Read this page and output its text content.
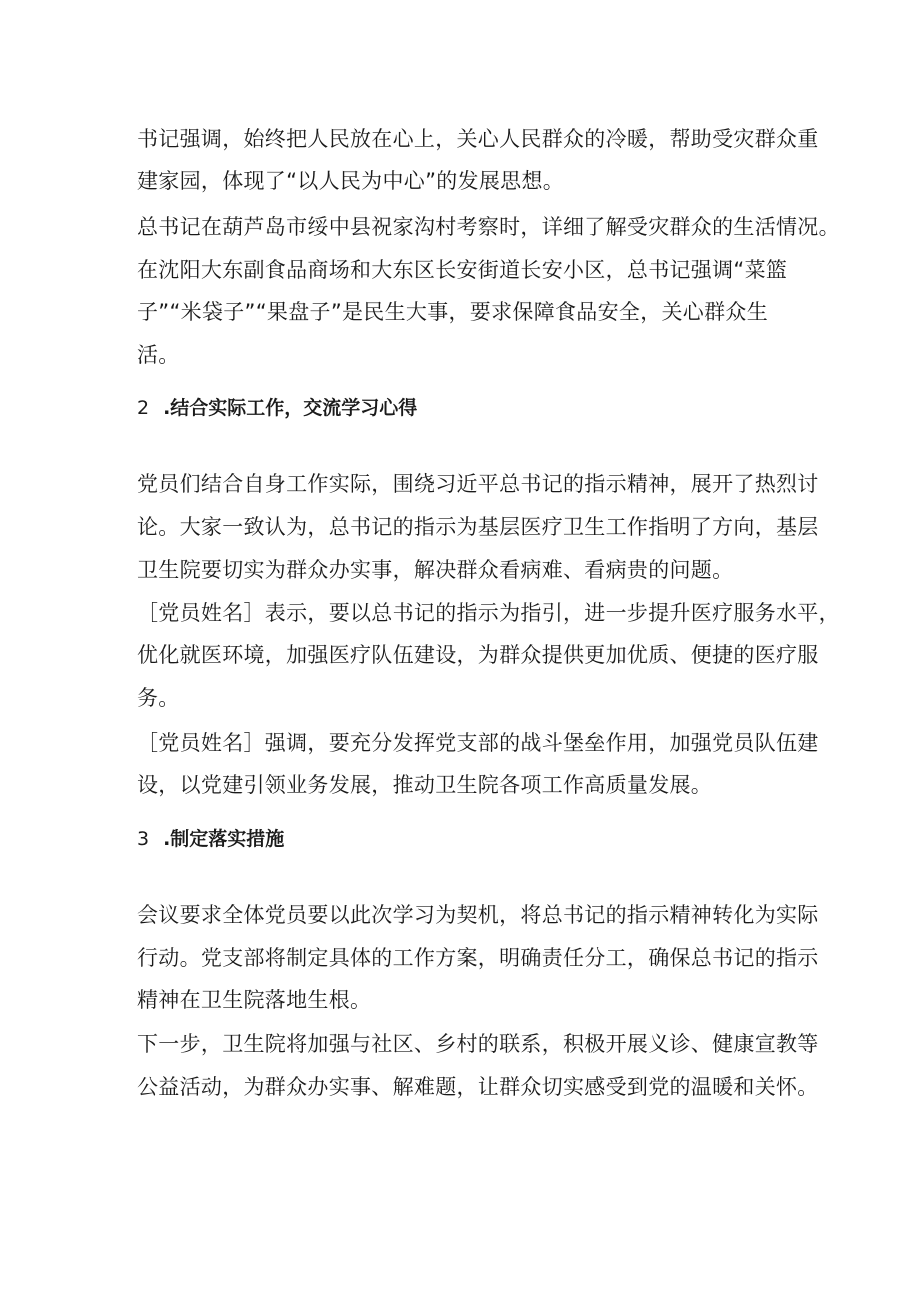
书记强调，始终把人民放在心上，关心人民群众的冷暖，帮助受灾群众重
建家园，体现了“以人民为中心”的发展思想。
总书记在葫芦岛市绥中县祝家沟村考察时，详细了解受灾群众的生活情况。
在沈阳大东副食品商场和大东区长安街道长安小区，总书记强调“菜篮
子”“米袋子”“果盘子”是民生大事，要求保障食品安全，关心群众生
活。
2 .结合实际工作，交流学习心得
党员们结合自身工作实际，围绕习近平总书记的指示精神，展开了热烈讨
论。大家一致认为，总书记的指示为基层医疗卫生工作指明了方向，基层
卫生院要切实为群众办实事，解决群众看病难、看病贵的问题。
［党员姓名］表示，要以总书记的指示为指引，进一步提升医疗服务水平，
优化就医环境，加强医疗队伍建设，为群众提供更加优质、便捷的医疗服
务。
［党员姓名］强调，要充分发挥党支部的战斗堡垒作用，加强党员队伍建
设，以党建引领业务发展，推动卫生院各项工作高质量发展。
3 .制定落实措施
会议要求全体党员要以此次学习为契机，将总书记的指示精神转化为实际
行动。党支部将制定具体的工作方案，明确责任分工，确保总书记的指示
精神在卫生院落地生根。
下一步，卫生院将加强与社区、乡村的联系，积极开展义诊、健康宣教等
公益活动，为群众办实事、解难题，让群众切实感受到党的温暖和关怀。
